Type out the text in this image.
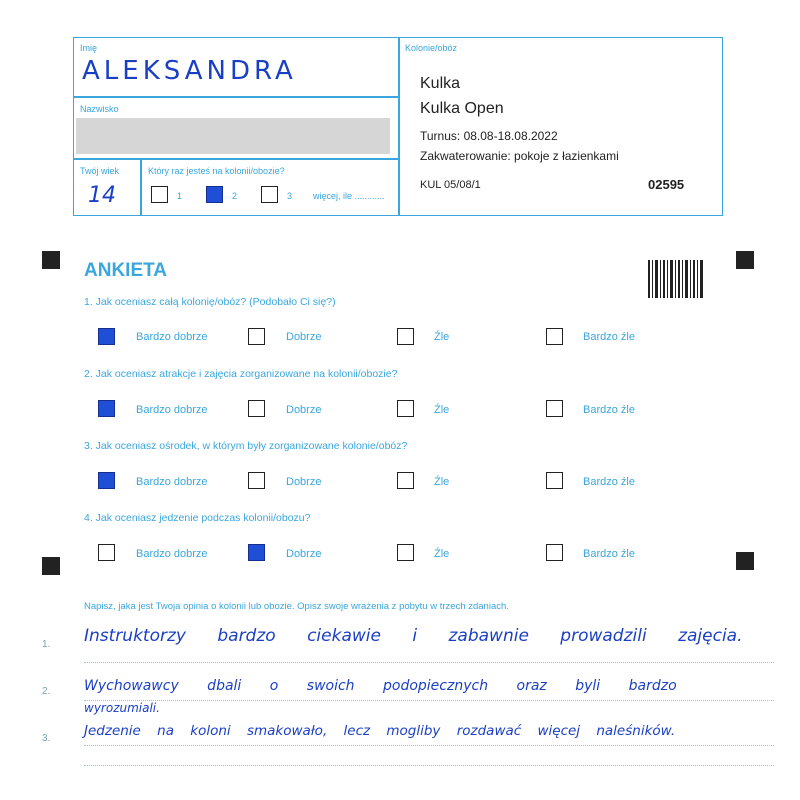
Imię
ALEKSANDRA
Nazwisko
Twój wiek
14
Który raz jesteś na kolonii/obozie?
1	2	3 więcej, ile ............
Kolonie/obóz
Kulka
Kulka Open
Turnus: 08.08-18.08.2022
Zakwaterowanie: pokoje z łazienkami
KUL 05/08/1	02595
ANKIETA
1. Jak oceniasz całą kolonię/obóz? (Podobało Ci się?)
Bardzo dobrze	Dobrze	Źle	Bardzo źle
2. Jak oceniasz atrakcje i zajęcia zorganizowane na kolonii/obozie?
Bardzo dobrze	Dobrze	Źle	Bardzo źle
3. Jak oceniasz ośrodek, w którym były zorganizowane kolonie/obóz?
Bardzo dobrze	Dobrze	Źle	Bardzo źle
4. Jak oceniasz jedzenie podczas kolonii/obozu?
Bardzo dobrze	Dobrze	Źle	Bardzo źle
Napisz, jaka jest Twoja opinia o kolonii lub obozie. Opisz swoje wrażenia z pobytu w trzech zdaniach.
1. Instruktorzy bardzo ciekawie i zabawnie prowadzili zajęcia.
2. Wychowawcy dbali o swoich podopiecznych oraz byli bardzo
wyrozumiali.
3. Jedzenie na koloni smakowało, lecz mogliby rozdawać więcej naleśników.
